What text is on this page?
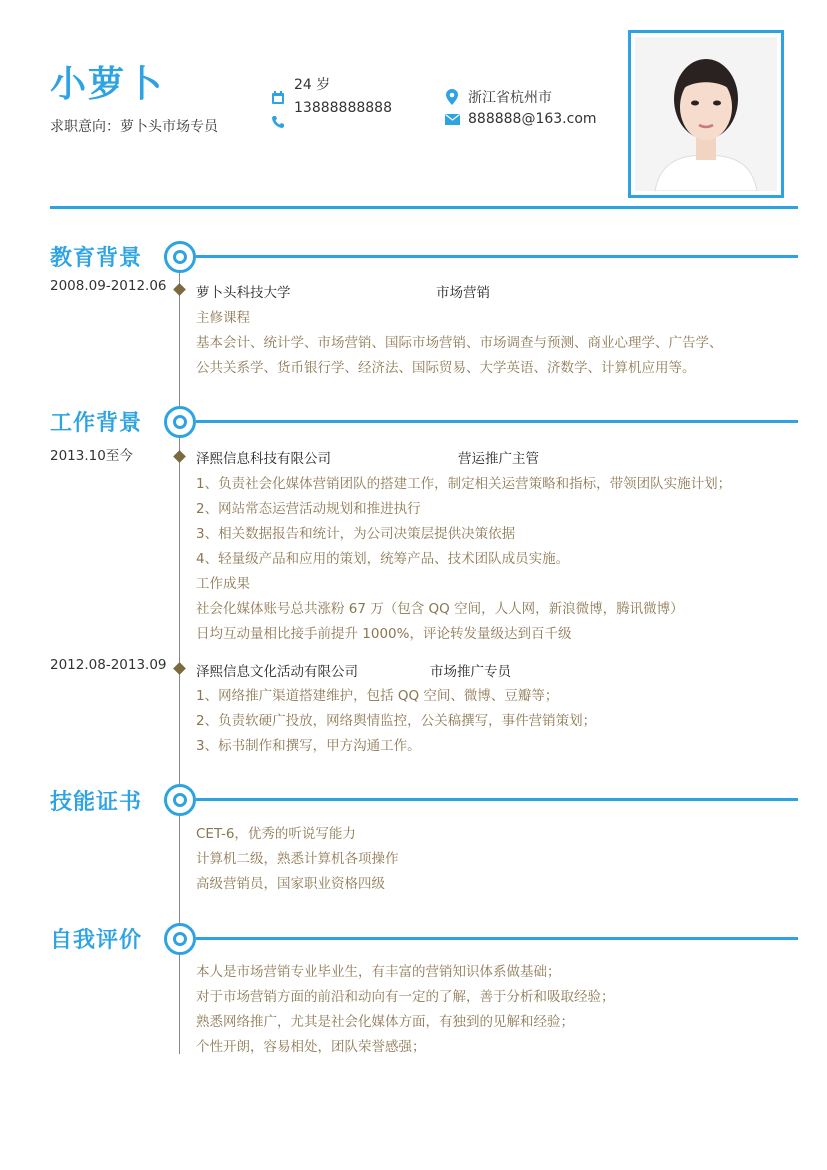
小萝卜
求职意向：萝卜头市场专员
24 岁
13888888888
浙江省杭州市
888888@163.com
教育背景
2008.09-2012.06 萝卜头科技大学	市场营销
主修课程
基本会计、统计学、市场营销、国际市场营销、市场调查与预测、商业心理学、广告学、
公共关系学、货币银行学、经济法、国际贸易、大学英语、济数学、计算机应用等。
工作背景
2013.10至今	泽熙信息科技有限公司	营运推广主管
1、负责社会化媒体营销团队的搭建工作，制定相关运营策略和指标，带领团队实施计划；
2、网站常态运营活动规划和推进执行
3、相关数据报告和统计，为公司决策层提供决策依据
4、轻量级产品和应用的策划，统筹产品、技术团队成员实施。
工作成果
社会化媒体账号总共涨粉 67 万（包含 QQ 空间，人人网，新浪微博，腾讯微博）
日均互动量相比接手前提升 1000%，评论转发量级达到百千级
2012.08-2013.09 泽熙信息文化活动有限公司	市场推广专员
1、网络推广渠道搭建维护，包括 QQ 空间、微博、豆瓣等；
2、负责软硬广投放，网络舆情监控，公关稿撰写，事件营销策划；
3、标书制作和撰写，甲方沟通工作。
技能证书
CET-6，优秀的听说写能力
计算机二级，熟悉计算机各项操作
高级营销员，国家职业资格四级
自我评价
本人是市场营销专业毕业生，有丰富的营销知识体系做基础；
对于市场营销方面的前沿和动向有一定的了解，善于分析和吸取经验；
熟悉网络推广，尤其是社会化媒体方面，有独到的见解和经验；
个性开朗，容易相处，团队荣誉感强；
